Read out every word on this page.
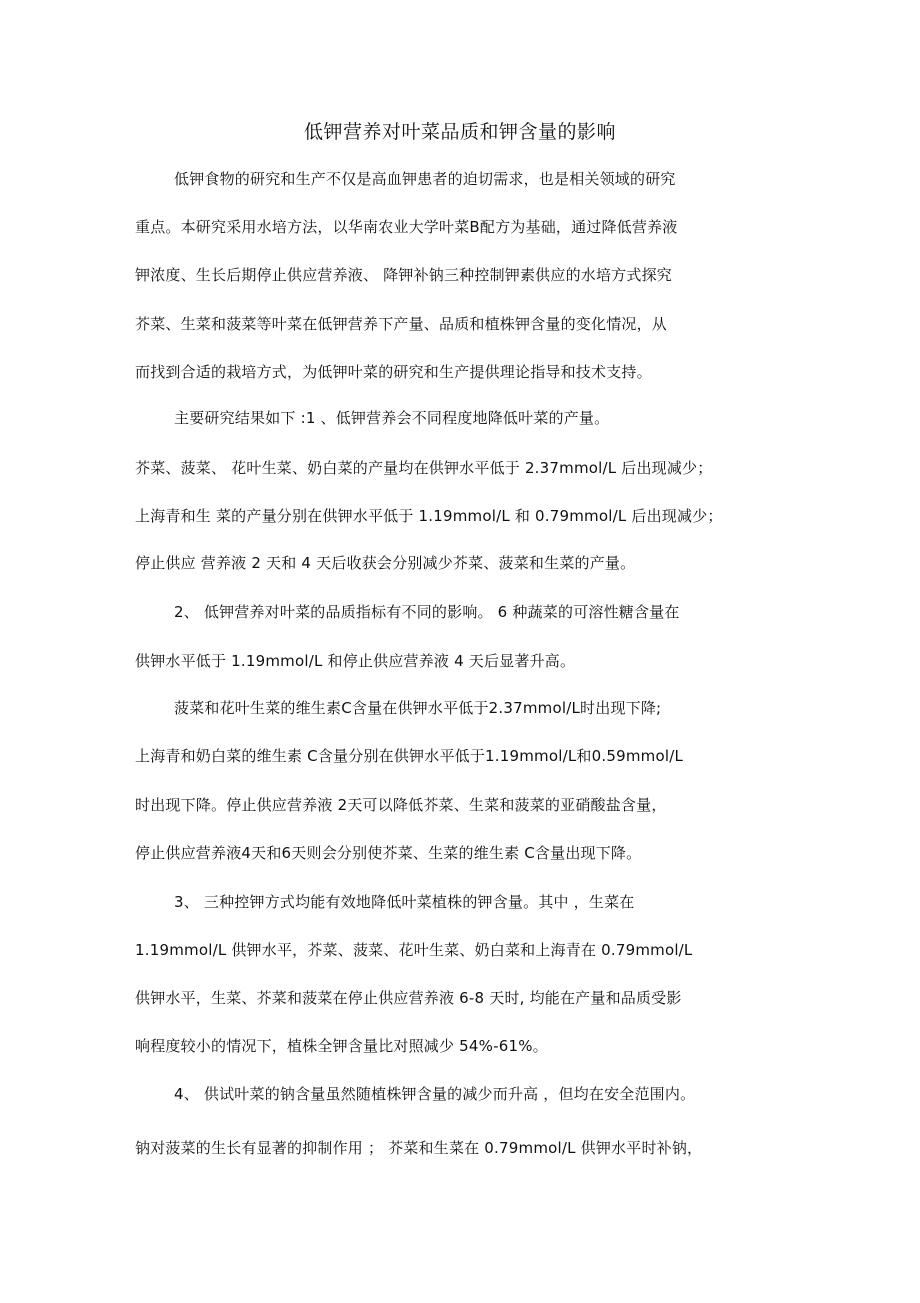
低钾营养对叶菜品质和钾含量的影响
低钾食物的研究和生产不仅是高血钾患者的迫切需求，也是相关领域的研究
重点。本研究采用水培方法，以华南农业大学叶菜B配方为基础，通过降低营养液
钾浓度、生长后期停止供应营养液、 降钾补钠三种控制钾素供应的水培方式探究
芥菜、生菜和菠菜等叶菜在低钾营养下产量、品质和植株钾含量的变化情况，从
而找到合适的栽培方式，为低钾叶菜的研究和生产提供理论指导和技术支持。
主要研究结果如下 :1 、低钾营养会不同程度地降低叶菜的产量。
芥菜、菠菜、 花叶生菜、奶白菜的产量均在供钾水平低于 2.37mmol/L 后出现减少；
上海青和生 菜的产量分别在供钾水平低于 1.19mmol/L 和 0.79mmol/L 后出现减少；
停止供应 营养液 2 天和 4 天后收获会分别减少芥菜、菠菜和生菜的产量。
2、 低钾营养对叶菜的品质指标有不同的影响。 6 种蔬菜的可溶性糖含量在
供钾水平低于 1.19mmol/L 和停止供应营养液 4 天后显著升高。
菠菜和花叶生菜的维生素C含量在供钾水平低于2.37mmol/L时出现下降;
上海青和奶白菜的维生素 C含量分别在供钾水平低于1.19mmol/L和0.59mmol/L
时出现下降。停止供应营养液 2天可以降低芥菜、生菜和菠菜的亚硝酸盐含量，
停止供应营养液4天和6天则会分别使芥菜、生菜的维生素 C含量出现下降。
3、 三种控钾方式均能有效地降低叶菜植株的钾含量。其中 ，生菜在
1.19mmol/L 供钾水平，芥菜、菠菜、花叶生菜、奶白菜和上海青在 0.79mmol/L
供钾水平，生菜、芥菜和菠菜在停止供应营养液 6-8 天时, 均能在产量和品质受影
响程度较小的情况下，植株全钾含量比对照减少 54%-61%。
4、 供试叶菜的钠含量虽然随植株钾含量的减少而升高 ，但均在安全范围内。
钠对菠菜的生长有显著的抑制作用 ； 芥菜和生菜在 0.79mmol/L 供钾水平时补钠，
